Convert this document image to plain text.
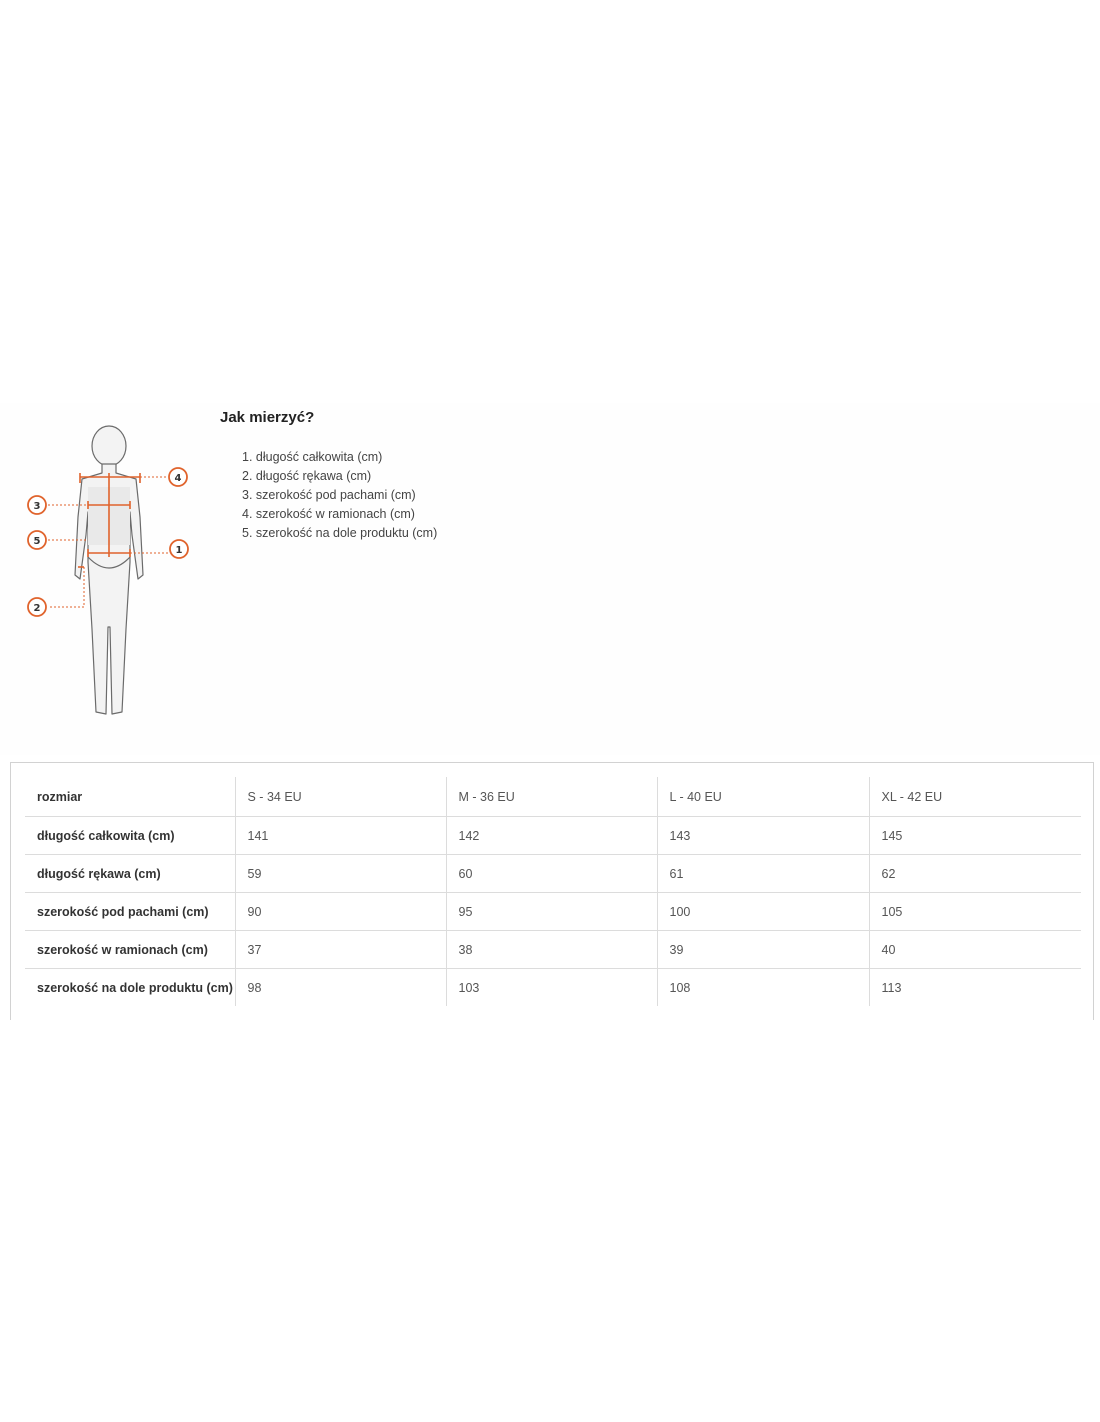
4
3
5
1
2
Jak mierzyć?
1. długość całkowita (cm)
2. długość rękawa (cm)
3. szerokość pod pachami (cm)
4. szerokość w ramionach (cm)
5. szerokość na dole produktu (cm)
rozmiar	S - 34 EU	M - 36 EU	L - 40 EU	XL - 42 EU
długość całkowita (cm)	141	142	143	145
długość rękawa (cm)	59	60	61	62
szerokość pod pachami (cm)	90	95	100	105
szerokość w ramionach (cm)	37	38	39	40
szerokość na dole produktu (cm)	98	103	108	113
